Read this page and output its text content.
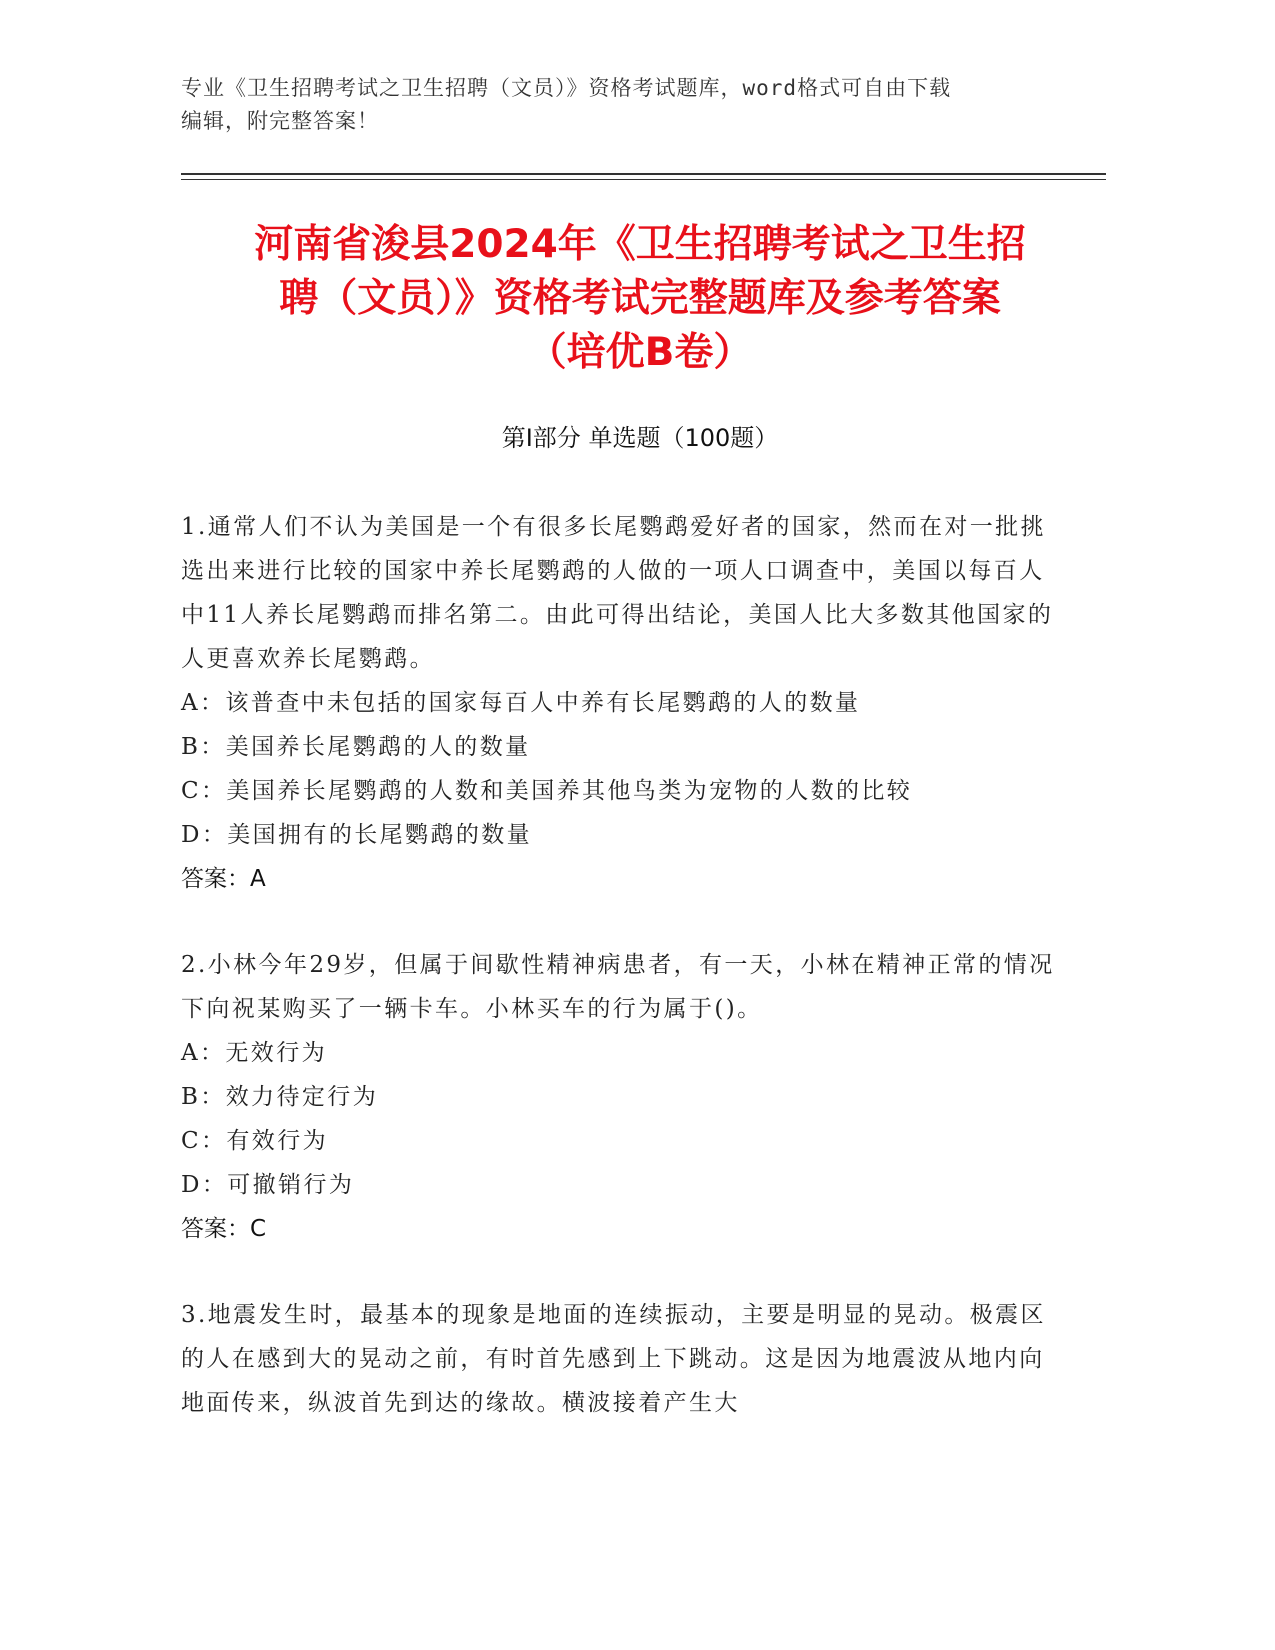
专业《卫生招聘考试之卫生招聘（文员）》资格考试题库，word格式可自由下载
编辑，附完整答案！
河南省浚县2024年《卫生招聘考试之卫生招
聘（文员）》资格考试完整题库及参考答案
（培优B卷）
第Ⅰ部分 单选题（100题）
1.通常人们不认为美国是一个有很多长尾鹦鹉爱好者的国家，然而在对一批挑选出来进行比较的国家中养长尾鹦鹉的人做的一项人口调查中，美国以每百人中11人养长尾鹦鹉而排名第二。由此可得出结论，美国人比大多数其他国家的人更喜欢养长尾鹦鹉。
A：该普查中未包括的国家每百人中养有长尾鹦鹉的人的数量
B：美国养长尾鹦鹉的人的数量
C：美国养长尾鹦鹉的人数和美国养其他鸟类为宠物的人数的比较
D：美国拥有的长尾鹦鹉的数量
答案：A
2.小林今年29岁，但属于间歇性精神病患者，有一天，小林在精神正常的情况下向祝某购买了一辆卡车。小林买车的行为属于()。
A：无效行为
B：效力待定行为
C：有效行为
D：可撤销行为
答案：C
3.地震发生时，最基本的现象是地面的连续振动，主要是明显的晃动。极震区的人在感到大的晃动之前，有时首先感到上下跳动。这是因为地震波从地内向地面传来，纵波首先到达的缘故。横波接着产生大
